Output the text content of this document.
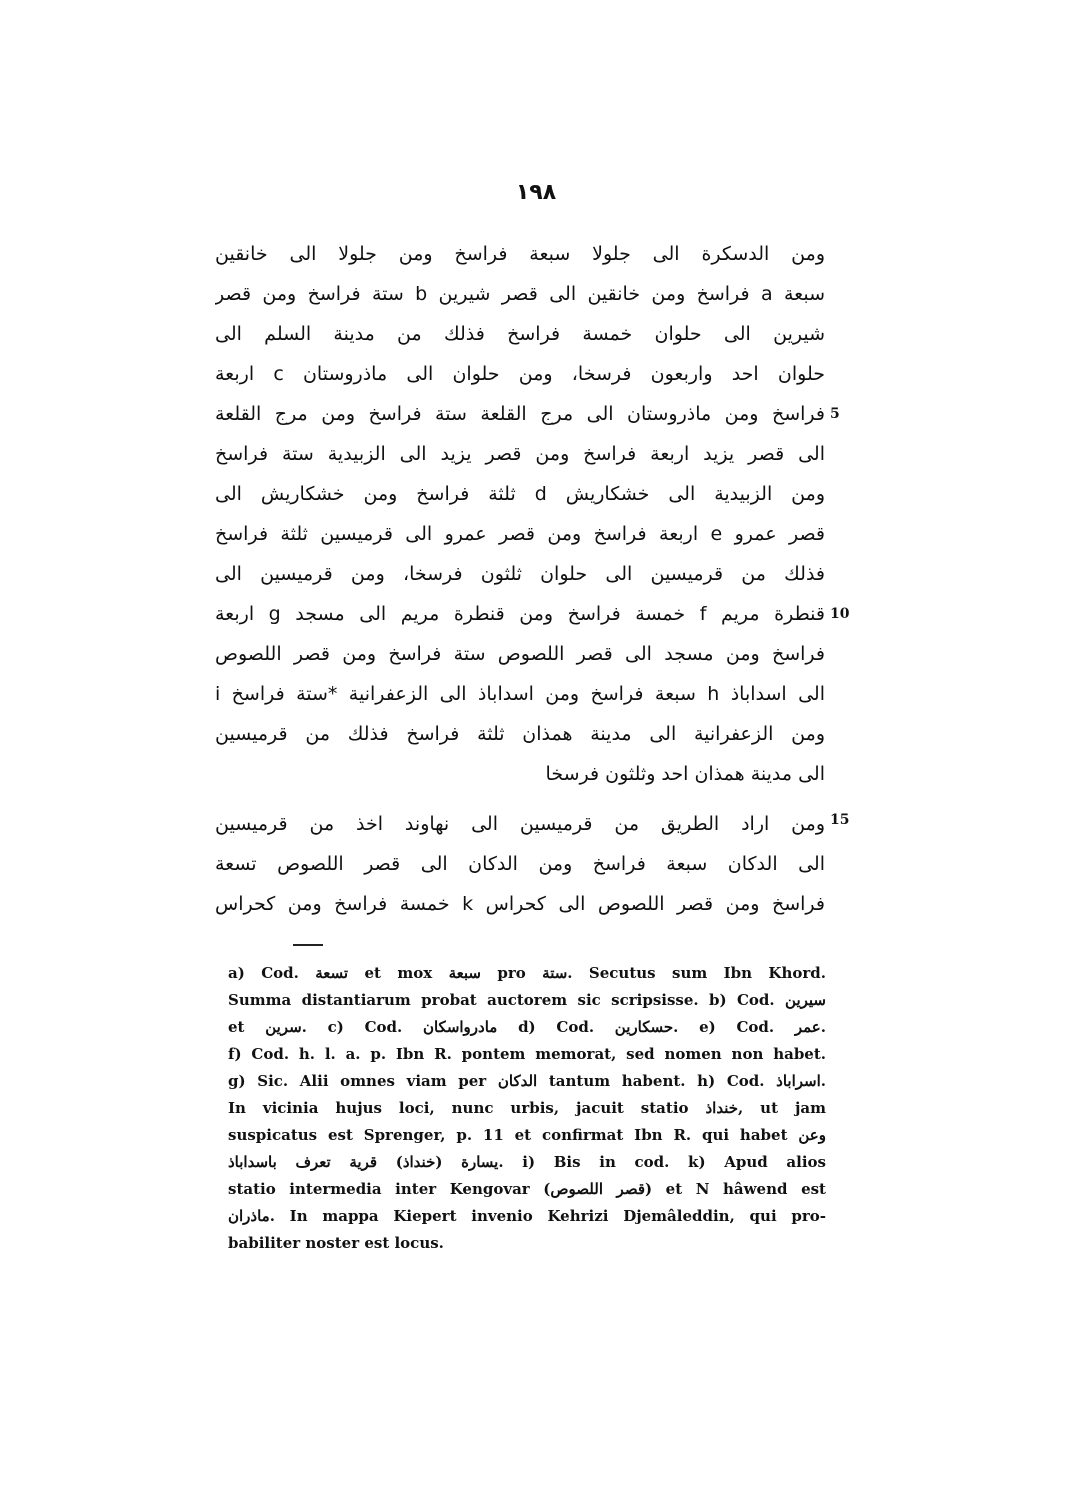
١٩٨
ومن الدسكرة الى جلولا سبعة فراسخ ومن جلولا الى خانقين
سبعة a فراسخ ومن خانقين الى قصر شيرين b ستة فراسخ ومن قصر
شيرين الى حلوان خمسة فراسخ فذلك من مدينة السلم الى
حلوان احد واربعون فرسخا، ومن حلوان الى ماذروستان c اربعة
فراسخ ومن ماذروستان الى مرج القلعة ستة فراسخ ومن مرج القلعة
الى قصر يزيد اربعة فراسخ ومن قصر يزيد الى الزبيدية ستة فراسخ
ومن الزبيدية الى خشكاريش d ثلثة فراسخ ومن خشكاريش الى
قصر عمرو e اربعة فراسخ ومن قصر عمرو الى قرميسين ثلثة فراسخ
فذلك من قرميسين الى حلوان ثلثون فرسخا، ومن قرميسين الى
قنطرة مريم f خمسة فراسخ ومن قنطرة مريم الى مسجد g اربعة
فراسخ ومن مسجد الى قصر اللصوص ستة فراسخ ومن قصر اللصوص
الى اسداباذ h سبعة فراسخ ومن اسداباذ الى الزعفرانية *ستة فراسخ i
ومن الزعفرانية الى مدينة همذان ثلثة فراسخ فذلك من قرميسين
الى مدينة همذان احد وثلثون فرسخا
ومن اراد الطريق من قرميسين الى نهاوند اخذ من قرميسين
الى الدكان سبعة فراسخ ومن الدكان الى قصر اللصوص تسعة
فراسخ ومن قصر اللصوص الى كحراس k خمسة فراسخ ومن كحراس
5
10
15
a) Cod. تسعة et mox سبعة pro ستة. Secutus sum Ibn Khord.
Summa distantiarum probat auctorem sic scripsisse. b) Cod. سيرين
et سرين. c) Cod. مادرواسكان d) Cod. حسكارين. e) Cod. عمر.
f) Cod. h. l. a. p. Ibn R. pontem memorat, sed nomen non habet.
g) Sic. Alii omnes viam per الدكان tantum habent. h) Cod. اسراباذ.
In vicinia hujus loci, nunc urbis, jacuit statio خنداذ, ut jam
suspicatus est Sprenger, p. 11 et confirmat Ibn R. qui habet وعن
يسارة (خنداذ) قرية تعرف باسداباذ. i) Bis in cod. k) Apud alios
statio intermedia inter Kengovar (قصر اللصوص) et N hâwend est
ماذران. In mappa Kiepert invenio Kehrizi Djemâleddin, qui pro-
babiliter noster est locus.
